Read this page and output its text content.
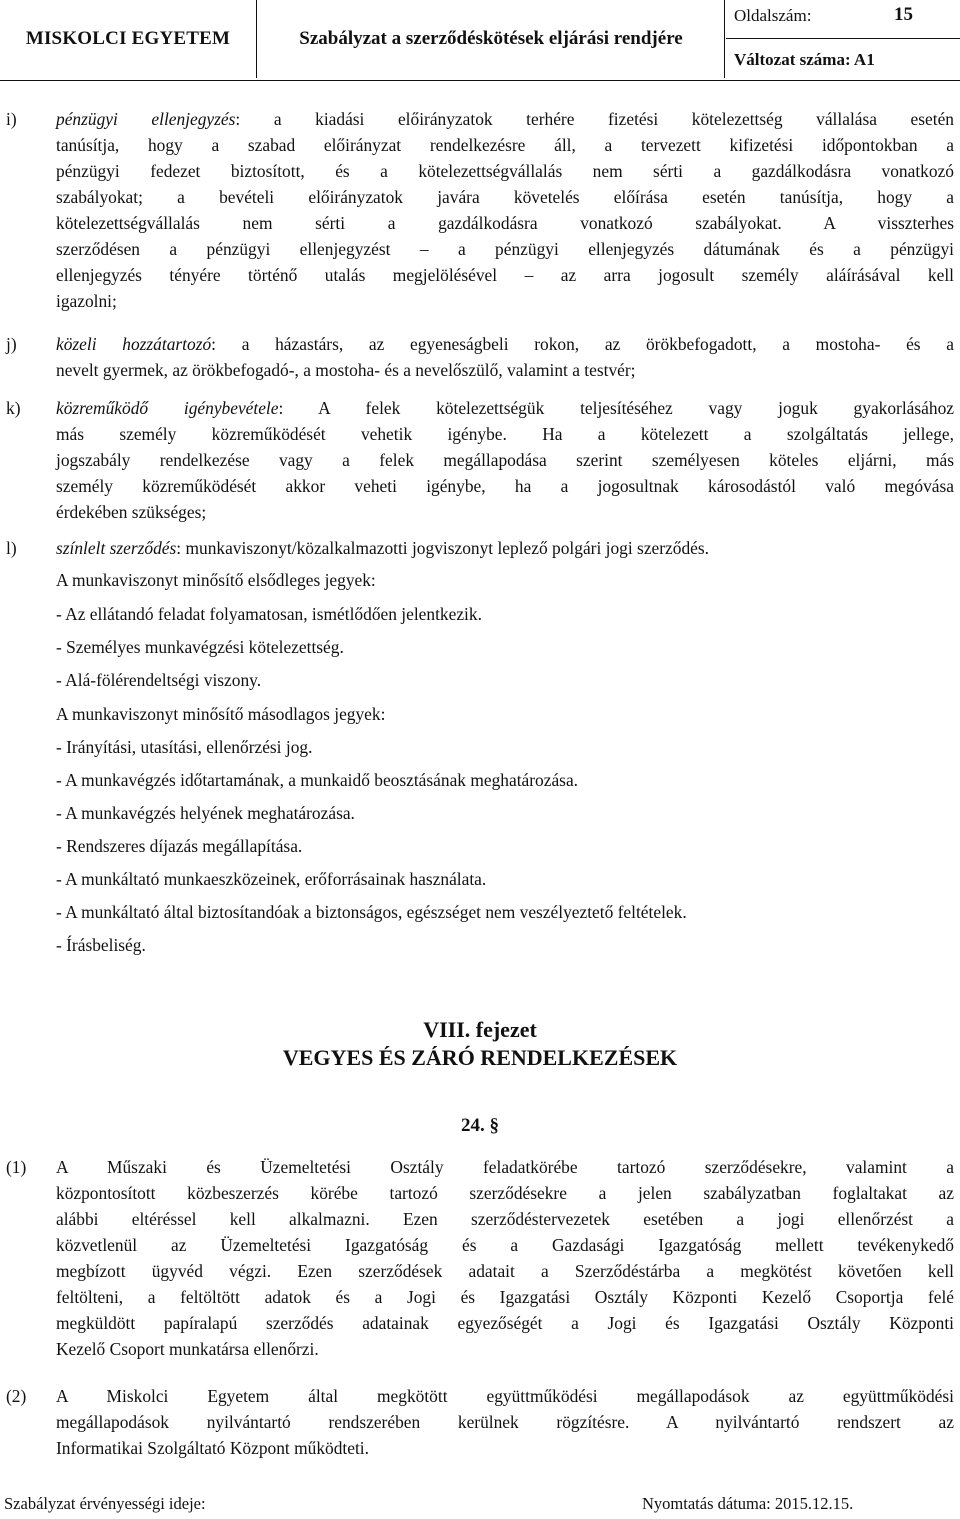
MISKOLCI EGYETEM	Szabályzat a szerződéskötések eljárási rendjére
Oldalszám:	15
Változat száma: A1
i) pénzügyi ellenjegyzés: a kiadási előirányzatok terhére fizetési kötelezettség vállalása esetén
tanúsítja, hogy a szabad előirányzat rendelkezésre áll, a tervezett kifizetési időpontokban a
pénzügyi fedezet biztosított, és a kötelezettségvállalás nem sérti a gazdálkodásra vonatkozó
szabályokat; a bevételi előirányzatok javára követelés előírása esetén tanúsítja, hogy a
kötelezettségvállalás nem sérti a gazdálkodásra vonatkozó szabályokat. A visszterhes
szerződésen a pénzügyi ellenjegyzést – a pénzügyi ellenjegyzés dátumának és a pénzügyi
ellenjegyzés tényére történő utalás megjelölésével – az arra jogosult személy aláírásával kell
igazolni;
j) közeli hozzátartozó: a házastárs, az egyeneságbeli rokon, az örökbefogadott, a mostoha- és a
nevelt gyermek, az örökbefogadó-, a mostoha- és a nevelőszülő, valamint a testvér;
k) közreműködő igénybevétele: A felek kötelezettségük teljesítéséhez vagy joguk gyakorlásához
más személy közreműködését vehetik igénybe. Ha a kötelezett a szolgáltatás jellege,
jogszabály rendelkezése vagy a felek megállapodása szerint személyesen köteles eljárni, más
személy közreműködését akkor veheti igénybe, ha a jogosultnak károsodástól való megóvása
érdekében szükséges;
l) színlelt szerződés: munkaviszonyt/közalkalmazotti jogviszonyt leplező polgári jogi szerződés.
A munkaviszonyt minősítő elsődleges jegyek:
- Az ellátandó feladat folyamatosan, ismétlődően jelentkezik.
- Személyes munkavégzési kötelezettség.
- Alá-fölérendeltségi viszony.
A munkaviszonyt minősítő másodlagos jegyek:
- Irányítási, utasítási, ellenőrzési jog.
- A munkavégzés időtartamának, a munkaidő beosztásának meghatározása.
- A munkavégzés helyének meghatározása.
- Rendszeres díjazás megállapítása.
- A munkáltató munkaeszközeinek, erőforrásainak használata.
- A munkáltató által biztosítandóak a biztonságos, egészséget nem veszélyeztető feltételek.
- Írásbeliség.
VIII. fejezet
VEGYES ÉS ZÁRÓ RENDELKEZÉSEK
24. §
(1) A Műszaki és Üzemeltetési Osztály feladatkörébe tartozó szerződésekre, valamint a
központosított közbeszerzés körébe tartozó szerződésekre a jelen szabályzatban foglaltakat az
alábbi eltéréssel kell alkalmazni. Ezen szerződéstervezetek esetében a jogi ellenőrzést a
közvetlenül az Üzemeltetési Igazgatóság és a Gazdasági Igazgatóság mellett tevékenykedő
megbízott ügyvéd végzi. Ezen szerződések adatait a Szerződéstárba a megkötést követően kell
feltölteni, a feltöltött adatok és a Jogi és Igazgatási Osztály Központi Kezelő Csoportja felé
megküldött papíralapú szerződés adatainak egyezőségét a Jogi és Igazgatási Osztály Központi
Kezelő Csoport munkatársa ellenőrzi.
(2) A Miskolci Egyetem által megkötött együttműködési megállapodások az együttműködési
megállapodások nyilvántartó rendszerében kerülnek rögzítésre. A nyilvántartó rendszert az
Informatikai Szolgáltató Központ működteti.
Szabályzat érvényességi ideje:	Nyomtatás dátuma: 2015.12.15.
